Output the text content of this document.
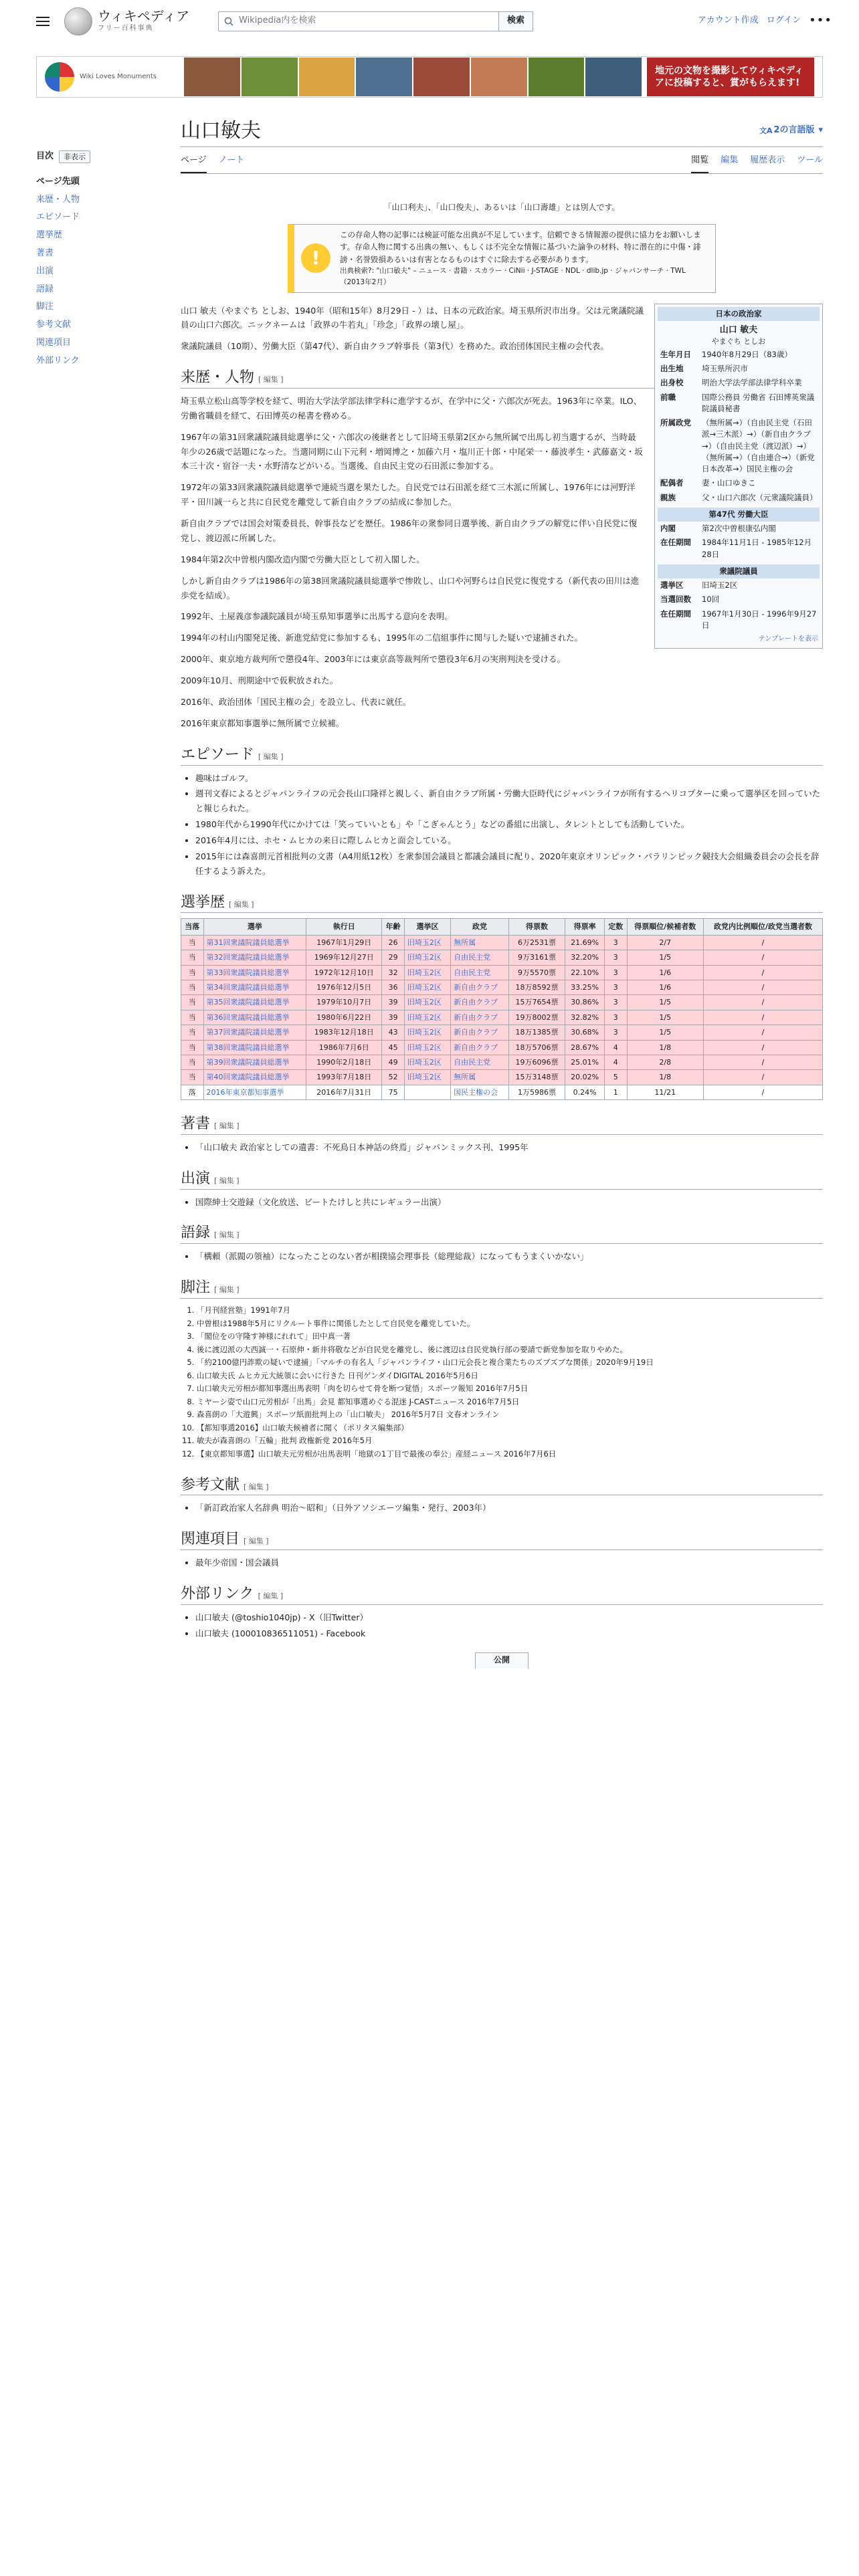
ウィキペディア
フリー百科事典
Wikipedia内を検索	検索	アカウント作成 ログイン •••
Wiki Loves Monuments
地元の文物を撮影してウィキペディアに投稿すると、賞がもらえます!
目次	非表示
ページ先頭
来歴・人物
エピソード
選挙歴
著書
出演
語録
脚注
参考文献
関連項目
外部リンク
山口敏夫	文A 2の言語版 ▾
ページ ノート	閲覧 編集 履歴表示 ツール
「山口利夫」、「山口俊夫」、あるいは「山口壽雄」とは別人です。
!
この存命人物の記事には検証可能な出典が不足しています。信頼できる情報源の提供に協力をお願いします。存命人物に関する出典の無い、もしくは不完全な情報に基づいた論争の材料、特に潜在的に中傷・誹謗・名誉毀損あるいは有害となるものはすぐに除去する必要があります。
出典検索?: "山口敏夫" – ニュース · 書籍 · スカラー · CiNii · J-STAGE · NDL · dlib.jp · ジャパンサーチ · TWL（2013年2月）
日本の政治家
山口 敏夫
やまぐち としお
生年月日	1940年8月29日（83歳）
出生地	埼玉県所沢市
出身校	明治大学法学部法律学科卒業
前職	国際公務員 労働省 石田博英衆議院議員秘書
所属政党	（無所属→）（自由民主党（石田派→三木派）→）（新自由クラブ→）（自由民主党（渡辺派）→）（無所属→）（自由連合→）（新党日本改革→）国民主権の会
配偶者	妻・山口ゆきこ
親族	父・山口六郎次（元衆議院議員）
第47代 労働大臣
内閣	第2次中曽根康弘内閣
在任期間	1984年11月1日 - 1985年12月28日
衆議院議員
選挙区	旧埼玉2区
当選回数	10回
在任期間	1967年1月30日 - 1996年9月27日
テンプレートを表示

山口 敏夫（やまぐち としお、1940年（昭和15年）8月29日 - ）は、日本の元政治家。埼玉県所沢市出身。父は元衆議院議員の山口六郎次。ニックネームは「政界の牛若丸」「珍念」「政界の壊し屋」。

衆議院議員（10期）、労働大臣（第47代）、新自由クラブ幹事長（第3代）を務めた。政治団体国民主権の会代表。

来歴・人物 [ 編集 ]

埼玉県立松山高等学校を経て、明治大学法学部法律学科に進学するが、在学中に父・六郎次が死去。1963年に卒業。ILO、労働省職員を経て、石田博英の秘書を務める。

1967年の第31回衆議院議員総選挙に父・六郎次の後継者として旧埼玉県第2区から無所属で出馬し初当選するが、当時最年少の26歳で話題になった。当選同期に山下元利・増岡博之・加藤六月・塩川正十郎・中尾栄一・藤波孝生・武藤嘉文・坂本三十次・宿谷一夫・水野清などがいる。当選後、自由民主党の石田派に参加する。

1972年の第33回衆議院議員総選挙で連続当選を果たした。自民党では石田派を経て三木派に所属し、1976年には河野洋平・田川誠一らと共に自民党を離党して新自由クラブの結成に参加した。

新自由クラブでは国会対策委員長、幹事長などを歴任。1986年の衆参同日選挙後、新自由クラブの解党に伴い自民党に復党し、渡辺派に所属した。

1984年第2次中曽根内閣改造内閣で労働大臣として初入閣した。

しかし新自由クラブは1986年の第38回衆議院議員総選挙で惨敗し、山口や河野らは自民党に復党する（新代表の田川は進歩党を結成）。

1992年、土屋義彦参議院議員が埼玉県知事選挙に出馬する意向を表明。

1994年の村山内閣発足後、新進党結党に参加するも、1995年の二信組事件に関与した疑いで逮捕された。

2000年、東京地方裁判所で懲役4年、2003年には東京高等裁判所で懲役3年6月の実刑判決を受ける。

2009年10月、刑期途中で仮釈放された。

2016年、政治団体「国民主権の会」を設立し、代表に就任。

2016年東京都知事選挙に無所属で立候補。

エピソード [ 編集 ]
• 趣味はゴルフ。
• 週刊文春によるとジャパンライフの元会長山口隆祥と親しく、新自由クラブ所属・労働大臣時代にジャパンライフが所有するヘリコプターに乗って選挙区を回っていたと報じられた。
• 1980年代から1990年代にかけては「笑っていいとも」や「こぎゃんとう」などの番組に出演し、タレントとしても活動していた。
• 2016年4月には、ホセ・ムヒカの来日に際しムヒカと面会している。
• 2015年には森喜朗元首相批判の文書（A4用紙12枚）を衆参国会議員と都議会議員に配り、2020年東京オリンピック・パラリンピック競技大会組織委員会の会長を辞任するよう訴えた。
選挙歴 [ 編集 ]
当落	選挙	執行日	年齢	選挙区	政党	得票数	得票率	定数	得票順位/候補者数	政党内比例順位/政党当選者数
当	第31回衆議院議員総選挙	1967年1月29日	26	旧埼玉2区	無所属	6万2531票	21.69%	3	2/7	/
当	第32回衆議院議員総選挙	1969年12月27日	29	旧埼玉2区	自由民主党	9万3161票	32.20%	3	1/5	/
当	第33回衆議院議員総選挙	1972年12月10日	32	旧埼玉2区	自由民主党	9万5570票	22.10%	3	1/6	/
当	第34回衆議院議員総選挙	1976年12月5日	36	旧埼玉2区	新自由クラブ	18万8592票	33.25%	3	1/6	/
当	第35回衆議院議員総選挙	1979年10月7日	39	旧埼玉2区	新自由クラブ	15万7654票	30.86%	3	1/5	/
当	第36回衆議院議員総選挙	1980年6月22日	39	旧埼玉2区	新自由クラブ	19万8002票	32.82%	3	1/5	/
当	第37回衆議院議員総選挙	1983年12月18日	43	旧埼玉2区	新自由クラブ	18万1385票	30.68%	3	1/5	/
当	第38回衆議院議員総選挙	1986年7月6日	45	旧埼玉2区	新自由クラブ	18万5706票	28.67%	4	1/8	/
当	第39回衆議院議員総選挙	1990年2月18日	49	旧埼玉2区	自由民主党	19万6096票	25.01%	4	2/8	/
当	第40回衆議院議員総選挙	1993年7月18日	52	旧埼玉2区	無所属	15万3148票	20.02%	5	1/8	/
落	2016年東京都知事選挙	2016年7月31日	75		国民主権の会	1万5986票	0.24%	1	11/21	/
著書 [ 編集 ]
• 「山口敏夫 政治家としての遺書：不死鳥日本神話の終焉」ジャパンミックス刊、1995年
出演 [ 編集 ]
• 国際紳士交遊録（文化放送、ビートたけしと共にレギュラー出演）
語録 [ 編集 ]
• 「構頼（派閥の領袖）になったことのない者が相撲協会理事長（総理総裁）になってもうまくいかない」
脚注 [ 編集 ]
1. 「月刊経営塾」1991年7月
2. 中曽根は1988年5月にリクルート事件に関係したとして自民党を離党していた。
3. 「閣位をの守隆す神様にれれて」田中真一著
4. 後に渡辺派の大西誠一・石原伸・新井将敬などが自民党を離党し、後に渡辺は自民党執行部の要請で新党参加を取りやめた。
5. 「約2100億円詐欺の疑いで逮捕」「マルチの有名人「ジャパンライフ・山口元会長と複合業たちのズブズブな関係」2020年9月19日
6. 山口敏夫氏 ムヒカ元大統領に会いに行きた 日刊ゲンダイDIGITAL 2016年5月6日
7. 山口敏夫元労相が都知事選出馬表明「肉を切らせて骨を断つ覚悟」スポーツ報知 2016年7月5日
8. ミヤーシ姿で山口元労相が「出馬」会見 都知事選めぐる混迷 J-CASTニュース 2016年7月5日
9. 森喜朗の「大遊興」スポーツ紙面批判上の「山口敏夫」 2016年5月7日 文春オンライン
10. 【都知事選2016】山口敏夫候補者に聞く（ポリタス編集部）
11. 敏夫が森喜朗の「五輪」批判 政権新党 2016年5月
12. 【東京都知事選】山口敏夫元労相が出馬表明「地獄の1丁目で最後の奉公」産経ニュース 2016年7月6日
参考文献 [ 編集 ]
• 「新訂政治家人名辞典 明治〜昭和」（日外アソシエーツ編集・発行、2003年）
関連項目 [ 編集 ]
• 最年少帝国・国会議員
外部リンク [ 編集 ]
• 山口敏夫 (@toshio1040jp) - X（旧Twitter）
• 山口敏夫 (100010836511051) - Facebook
公開
